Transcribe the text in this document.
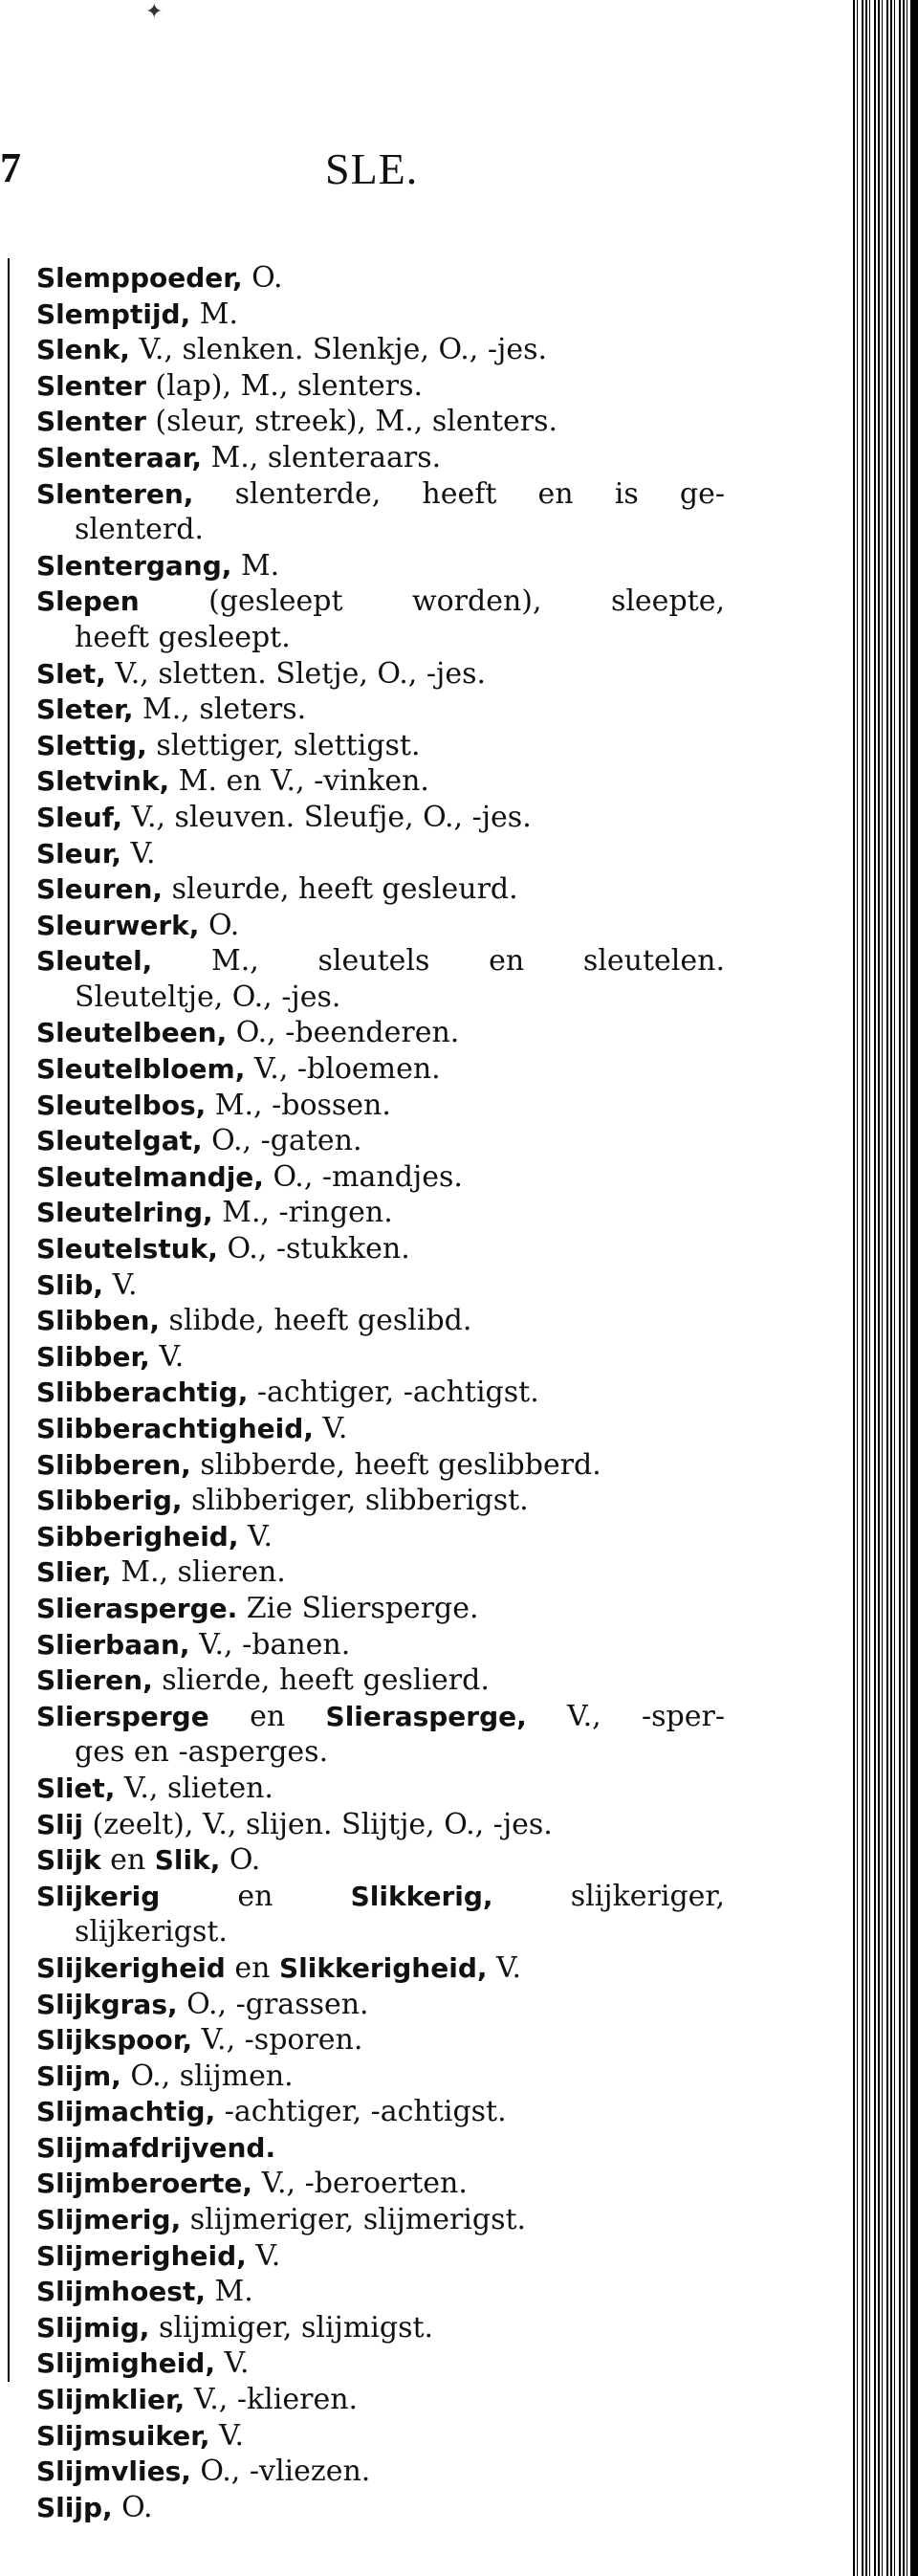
✦
7	SLE.
Slemppoeder, O.
Slemptijd, M.
Slenk, V., slenken. Slenkje, O., -jes.
Slenter (lap), M., slenters.
Slenter (sleur, streek), M., slenters.
Slenteraar, M., slenteraars.
Slenteren, slenterde, heeft en is ge-
slenterd.
Slentergang, M.
Slepen (gesleept worden), sleepte,
heeft gesleept.
Slet, V., sletten. Sletje, O., -jes.
Sleter, M., sleters.
Slettig, slettiger, slettigst.
Sletvink, M. en V., -vinken.
Sleuf, V., sleuven. Sleufje, O., -jes.
Sleur, V.
Sleuren, sleurde, heeft gesleurd.
Sleurwerk, O.
Sleutel, M., sleutels en sleutelen.
Sleuteltje, O., -jes.
Sleutelbeen, O., -beenderen.
Sleutelbloem, V., -bloemen.
Sleutelbos, M., -bossen.
Sleutelgat, O., -gaten.
Sleutelmandje, O., -mandjes.
Sleutelring, M., -ringen.
Sleutelstuk, O., -stukken.
Slib, V.
Slibben, slibde, heeft geslibd.
Slibber, V.
Slibberachtig, -achtiger, -achtigst.
Slibberachtigheid, V.
Slibberen, slibberde, heeft geslibberd.
Slibberig, slibberiger, slibberigst.
Sibberigheid, V.
Slier, M., slieren.
Slierasperge. Zie Sliersperge.
Slierbaan, V., -banen.
Slieren, slierde, heeft geslierd.
Sliersperge en Slierasperge, V., -sper-
ges en -asperges.
Sliet, V., slieten.
Slij (zeelt), V., slijen. Slijtje, O., -jes.
Slijk en Slik, O.
Slijkerig en Slikkerig, slijkeriger,
slijkerigst.
Slijkerigheid en Slikkerigheid, V.
Slijkgras, O., -grassen.
Slijkspoor, V., -sporen.
Slijm, O., slijmen.
Slijmachtig, -achtiger, -achtigst.
Slijmafdrijvend.
Slijmberoerte, V., -beroerten.
Slijmerig, slijmeriger, slijmerigst.
Slijmerigheid, V.
Slijmhoest, M.
Slijmig, slijmiger, slijmigst.
Slijmigheid, V.
Slijmklier, V., -klieren.
Slijmsuiker, V.
Slijmvlies, O., -vliezen.
Slijp, O.
